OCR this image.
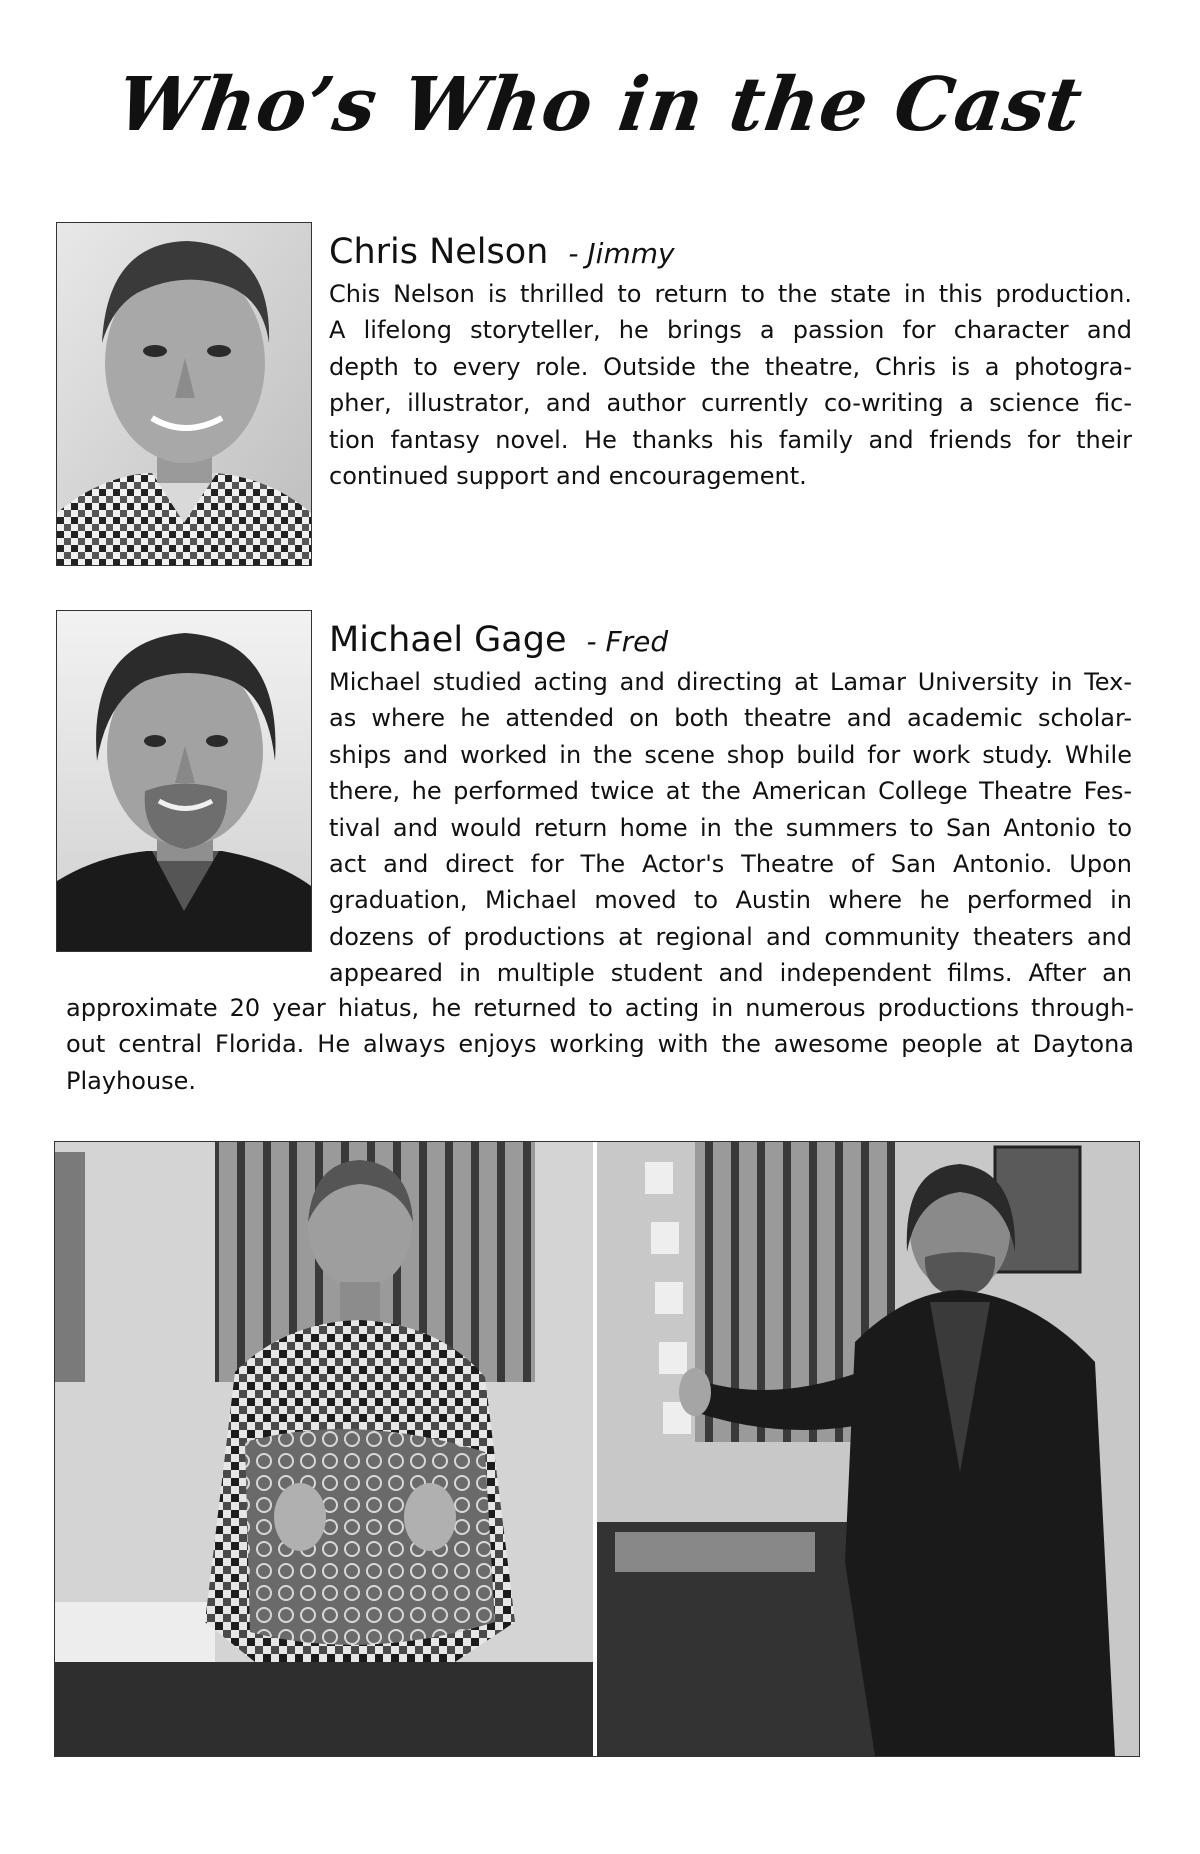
Who’s Who in the Cast
Chris Nelson  - Jimmy
Chis Nelson is thrilled to return to the state in this production.
A lifelong storyteller, he brings a passion for character and
depth to every role. Outside the theatre, Chris is a photogra-
pher, illustrator, and author currently co-writing a science fic-
tion fantasy novel. He thanks his family and friends for their
continued support and encouragement.
Michael Gage  - Fred
Michael studied acting and directing at Lamar University in Tex-
as where he attended on both theatre and academic scholar-
ships and worked in the scene shop build for work study. While
there, he performed twice at the American College Theatre Fes-
tival and would return home in the summers to San Antonio to
act and direct for The Actor's Theatre of San Antonio. Upon
graduation, Michael moved to Austin where he performed in
dozens of productions at regional and community theaters and
appeared in multiple student and independent films. After an
approximate 20 year hiatus, he returned to acting in numerous productions through-
out central Florida. He always enjoys working with the awesome people at Daytona
Playhouse.
